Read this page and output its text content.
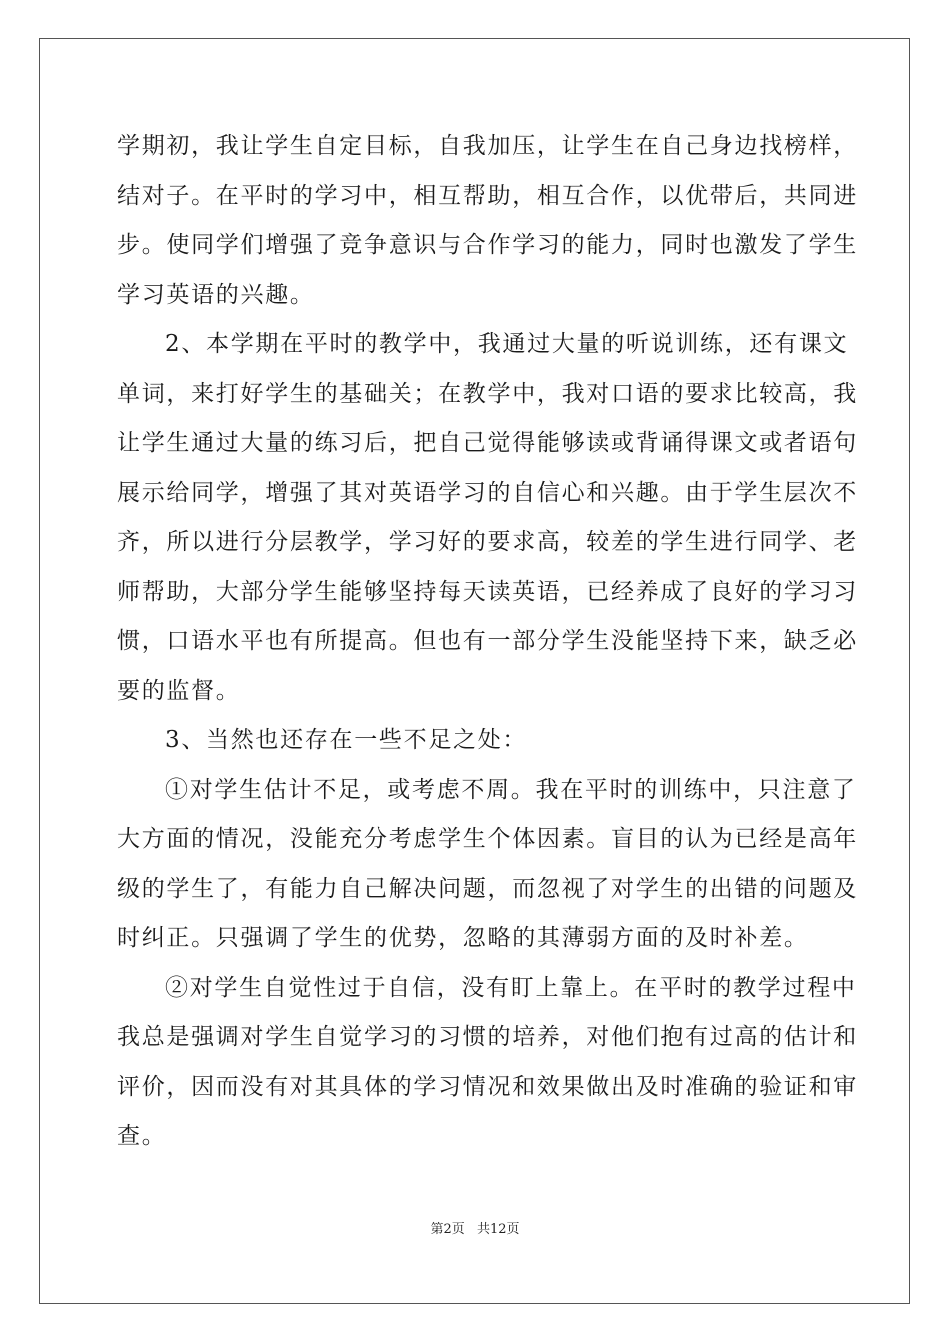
学期初，我让学生自定目标，自我加压，让学生在自己身边找榜样，
结对子。在平时的学习中，相互帮助，相互合作，以优带后，共同进
步。使同学们增强了竞争意识与合作学习的能力，同时也激发了学生
学习英语的兴趣。
2、本学期在平时的教学中，我通过大量的听说训练，还有课文
单词，来打好学生的基础关；在教学中，我对口语的要求比较高，我
让学生通过大量的练习后，把自己觉得能够读或背诵得课文或者语句
展示给同学，增强了其对英语学习的自信心和兴趣。由于学生层次不
齐，所以进行分层教学，学习好的要求高，较差的学生进行同学、老
师帮助，大部分学生能够坚持每天读英语，已经养成了良好的学习习
惯，口语水平也有所提高。但也有一部分学生没能坚持下来，缺乏必
要的监督。
3、当然也还存在一些不足之处：
①对学生估计不足，或考虑不周。我在平时的训练中，只注意了
大方面的情况，没能充分考虑学生个体因素。盲目的认为已经是高年
级的学生了，有能力自己解决问题，而忽视了对学生的出错的问题及
时纠正。只强调了学生的优势，忽略的其薄弱方面的及时补差。
②对学生自觉性过于自信，没有盯上靠上。在平时的教学过程中
我总是强调对学生自觉学习的习惯的培养，对他们抱有过高的估计和
评价，因而没有对其具体的学习情况和效果做出及时准确的验证和审
查。
第2页 共12页
